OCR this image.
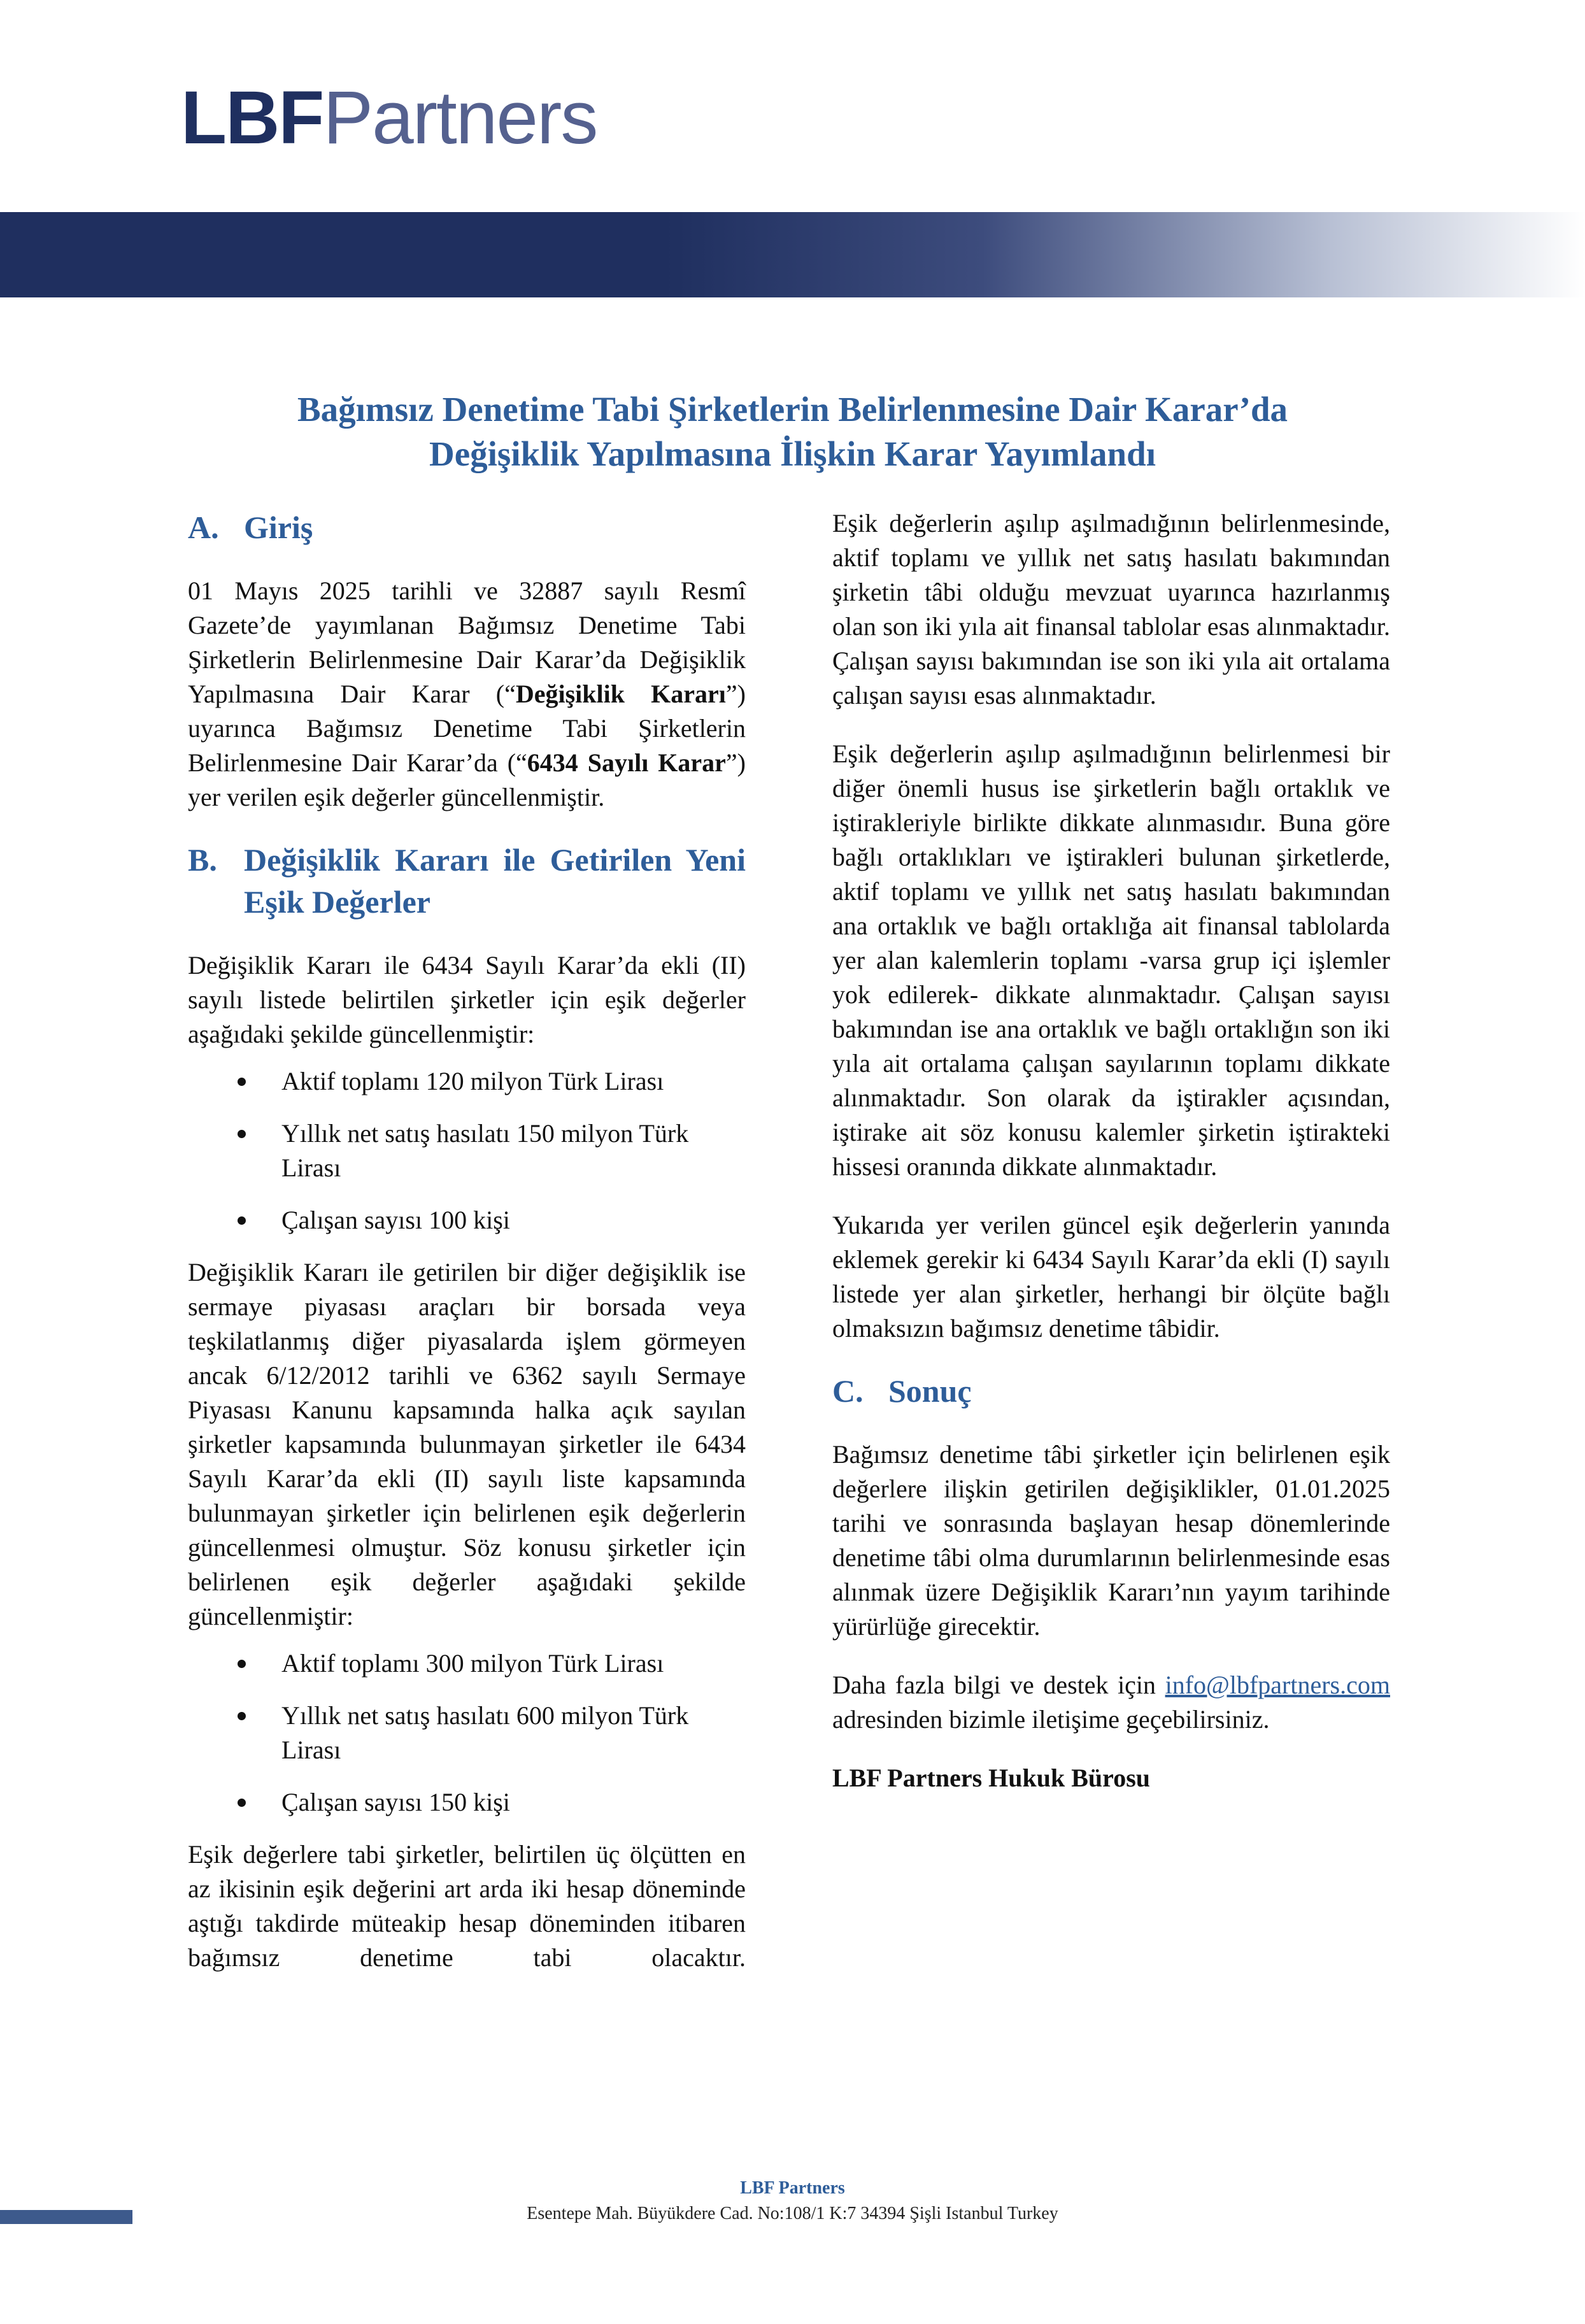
LBFPartners
Bağımsız Denetime Tabi Şirketlerin Belirlenmesine Dair Karar’da
Değişiklik Yapılmasına İlişkin Karar Yayımlandı
A. Giriş

01 Mayıs 2025 tarihli ve 32887 sayılı Resmî Gazete’de yayımlanan Bağımsız Denetime Tabi Şirketlerin Belirlenmesine Dair Karar’da Değişiklik Yapılmasına Dair Karar (“Değişiklik Kararı”) uyarınca Bağımsız Denetime Tabi Şirketlerin Belirlenmesine Dair Karar’da (“6434 Sayılı Karar”) yer verilen eşik değerler güncellenmiştir.

B. Değişiklik Kararı ile Getirilen Yeni Eşik Değerler

Değişiklik Kararı ile 6434 Sayılı Karar’da ekli (II) sayılı listede belirtilen şirketler için eşik değerler aşağıdaki şekilde güncellenmiştir:

Aktif toplamı 120 milyon Türk Lirası
Yıllık net satış hasılatı 150 milyon Türk Lirası
Çalışan sayısı 100 kişi

Değişiklik Kararı ile getirilen bir diğer değişiklik ise sermaye piyasası araçları bir borsada veya teşkilatlanmış diğer piyasalarda işlem görmeyen ancak 6/12/2012 tarihli ve 6362 sayılı Sermaye Piyasası Kanunu kapsamında halka açık sayılan şirketler kapsamında bulunmayan şirketler ile 6434 Sayılı Karar’da ekli (II) sayılı liste kapsamında bulunmayan şirketler için belirlenen eşik değerlerin güncellenmesi olmuştur. Söz konusu şirketler için belirlenen eşik değerler aşağıdaki şekilde güncellenmiştir:

Aktif toplamı 300 milyon Türk Lirası
Yıllık net satış hasılatı 600 milyon Türk Lirası
Çalışan sayısı 150 kişi

Eşik değerlere tabi şirketler, belirtilen üç ölçütten en az ikisinin eşik değerini art arda iki hesap döneminde aştığı takdirde müteakip hesap döneminden itibaren bağımsız denetime tabi olacaktır.

Eşik değerlerin aşılıp aşılmadığının belirlenmesinde, aktif toplamı ve yıllık net satış hasılatı bakımından şirketin tâbi olduğu mevzuat uyarınca hazırlanmış olan son iki yıla ait finansal tablolar esas alınmaktadır. Çalışan sayısı bakımından ise son iki yıla ait ortalama çalışan sayısı esas alınmaktadır.

Eşik değerlerin aşılıp aşılmadığının belirlenmesi bir diğer önemli husus ise şirketlerin bağlı ortaklık ve iştirakleriyle birlikte dikkate alınmasıdır. Buna göre bağlı ortaklıkları ve iştirakleri bulunan şirketlerde, aktif toplamı ve yıllık net satış hasılatı bakımından ana ortaklık ve bağlı ortaklığa ait finansal tablolarda yer alan kalemlerin toplamı -varsa grup içi işlemler yok edilerek- dikkate alınmaktadır. Çalışan sayısı bakımından ise ana ortaklık ve bağlı ortaklığın son iki yıla ait ortalama çalışan sayılarının toplamı dikkate alınmaktadır. Son olarak da iştirakler açısından, iştirake ait söz konusu kalemler şirketin iştirakteki hissesi oranında dikkate alınmaktadır.

Yukarıda yer verilen güncel eşik değerlerin yanında eklemek gerekir ki 6434 Sayılı Karar’da ekli (I) sayılı listede yer alan şirketler, herhangi bir ölçüte bağlı olmaksızın bağımsız denetime tâbidir.

C. Sonuç

Bağımsız denetime tâbi şirketler için belirlenen eşik değerlere ilişkin getirilen değişiklikler, 01.01.2025 tarihi ve sonrasında başlayan hesap dönemlerinde denetime tâbi olma durumlarının belirlenmesinde esas alınmak üzere Değişiklik Kararı’nın yayım tarihinde yürürlüğe girecektir.

Daha fazla bilgi ve destek için info@lbfpartners.com adresinden bizimle iletişime geçebilirsiniz.

LBF Partners Hukuk Bürosu

LBF Partners
Esentepe Mah. Büyükdere Cad. No:108/1 K:7 34394 Şişli Istanbul Turkey
